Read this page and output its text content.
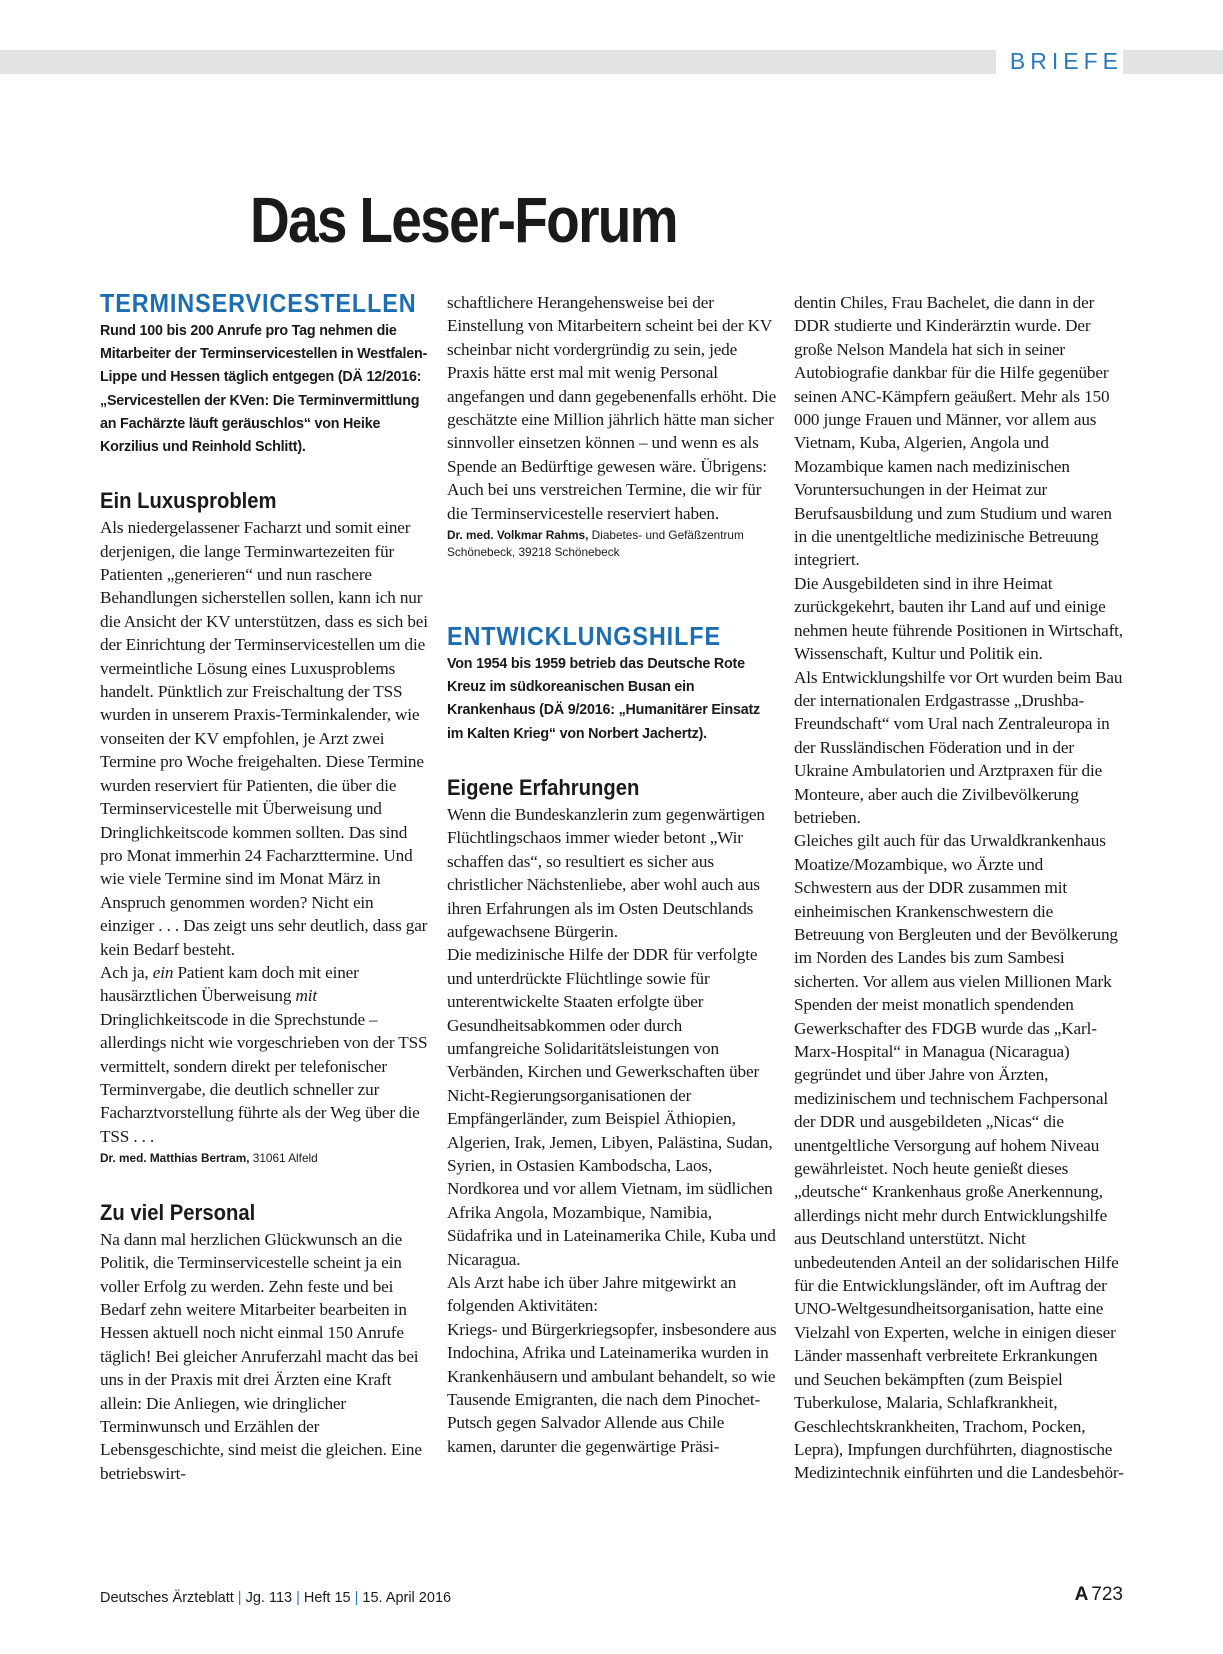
BRIEFE
Das Leser-Forum
TERMINSERVICESTELLEN

Rund 100 bis 200 Anrufe pro Tag nehmen die Mitarbeiter der Terminservicestellen in Westfalen-Lippe und Hessen täglich entgegen (DÄ 12/2016: „Servicestellen der KVen: Die Terminvermittlung an Fachärzte läuft geräuschlos“ von Heike Korzilius und Reinhold Schlitt).

Ein Luxusproblem

Als niedergelassener Facharzt und somit einer derjenigen, die lange Terminwartezeiten für Patienten „generieren“ und nun raschere Behandlungen sicherstellen sollen, kann ich nur die Ansicht der KV unterstützen, dass es sich bei der Einrichtung der Terminservicestellen um die vermeintliche Lösung eines Luxusproblems handelt. Pünktlich zur Freischaltung der TSS wurden in unserem Praxis-Terminkalender, wie vonseiten der KV empfohlen, je Arzt zwei Termine pro Woche freigehalten. Diese Termine wurden reserviert für Patienten, die über die Terminservicestelle mit Überweisung und Dringlichkeitscode kommen sollten. Das sind pro Monat immerhin 24 Facharzttermine. Und wie viele Termine sind im Monat März in Anspruch genommen worden? Nicht ein einziger . . . Das zeigt uns sehr deutlich, dass gar kein Bedarf besteht.

Ach ja, ein Patient kam doch mit einer hausärztlichen Überweisung mit Dringlichkeitscode in die Sprechstunde – allerdings nicht wie vorgeschrieben von der TSS vermittelt, sondern direkt per telefonischer Terminvergabe, die deutlich schneller zur Facharztvorstellung führte als der Weg über die TSS . . .

Dr. med. Matthias Bertram, 31061 Alfeld

Zu viel Personal

Na dann mal herzlichen Glückwunsch an die Politik, die Terminservicestelle scheint ja ein voller Erfolg zu werden. Zehn feste und bei Bedarf zehn weitere Mitarbeiter bearbeiten in Hessen aktuell noch nicht einmal 150 Anrufe täglich! Bei gleicher Anruferzahl macht das bei uns in der Praxis mit drei Ärzten eine Kraft allein: Die Anliegen, wie dringlicher Terminwunsch und Erzählen der Lebensgeschichte, sind meist die gleichen. Eine betriebswirt-

schaftlichere Herangehensweise bei der Einstellung von Mitarbeitern scheint bei der KV scheinbar nicht vordergründig zu sein, jede Praxis hätte erst mal mit wenig Personal angefangen und dann gegebenenfalls erhöht. Die geschätzte eine Million jährlich hätte man sicher sinnvoller einsetzen können – und wenn es als Spende an Bedürftige gewesen wäre. Übrigens: Auch bei uns verstreichen Termine, die wir für die Terminservicestelle reserviert haben.

Dr. med. Volkmar Rahms, Diabetes- und Gefäßzentrum Schönebeck, 39218 Schönebeck

ENTWICKLUNGSHILFE

Von 1954 bis 1959 betrieb das Deutsche Rote Kreuz im südkoreanischen Busan ein Krankenhaus (DÄ 9/2016: „Humanitärer Einsatz im Kalten Krieg“ von Norbert Jachertz).

Eigene Erfahrungen

Wenn die Bundeskanzlerin zum gegenwärtigen Flüchtlingschaos immer wieder betont „Wir schaffen das“, so resultiert es sicher aus christlicher Nächstenliebe, aber wohl auch aus ihren Erfahrungen als im Osten Deutschlands aufgewachsene Bürgerin.

Die medizinische Hilfe der DDR für verfolgte und unterdrückte Flüchtlinge sowie für unterentwickelte Staaten erfolgte über Gesundheitsabkommen oder durch umfangreiche Solidaritätsleistungen von Verbänden, Kirchen und Gewerkschaften über Nicht-Regierungsorganisationen der Empfängerländer, zum Beispiel Äthiopien, Algerien, Irak, Jemen, Libyen, Palästina, Sudan, Syrien, in Ostasien Kambodscha, Laos, Nordkorea und vor allem Vietnam, im südlichen Afrika Angola, Mozambique, Namibia, Südafrika und in Lateinamerika Chile, Kuba und Nicaragua.

Als Arzt habe ich über Jahre mitgewirkt an folgenden Aktivitäten:

Kriegs- und Bürgerkriegsopfer, insbesondere aus Indochina, Afrika und Lateinamerika wurden in Krankenhäusern und ambulant behandelt, so wie Tausende Emigranten, die nach dem Pinochet-Putsch gegen Salvador Allende aus Chile kamen, darunter die gegenwärtige Präsi-

dentin Chiles, Frau Bachelet, die dann in der DDR studierte und Kinderärztin wurde. Der große Nelson Mandela hat sich in seiner Autobiografie dankbar für die Hilfe gegenüber seinen ANC-Kämpfern geäußert. Mehr als 150 000 junge Frauen und Männer, vor allem aus Vietnam, Kuba, Algerien, Angola und Mozambique kamen nach medizinischen Voruntersuchungen in der Heimat zur Berufsausbildung und zum Studium und waren in die unentgeltliche medizinische Betreuung integriert.

Die Ausgebildeten sind in ihre Heimat zurückgekehrt, bauten ihr Land auf und einige nehmen heute führende Positionen in Wirtschaft, Wissenschaft, Kultur und Politik ein.

Als Entwicklungshilfe vor Ort wurden beim Bau der internationalen Erdgastrasse „Drushba-Freundschaft“ vom Ural nach Zentraleuropa in der Russländischen Föderation und in der Ukraine Ambulatorien und Arztpraxen für die Monteure, aber auch die Zivilbevölkerung betrieben.

Gleiches gilt auch für das Urwaldkrankenhaus Moatize/Mozambique, wo Ärzte und Schwestern aus der DDR zusammen mit einheimischen Krankenschwestern die Betreuung von Bergleuten und der Bevölkerung im Norden des Landes bis zum Sambesi sicherten. Vor allem aus vielen Millionen Mark Spenden der meist monatlich spendenden Gewerkschafter des FDGB wurde das „Karl-Marx-Hospital“ in Managua (Nicaragua) gegründet und über Jahre von Ärzten, medizinischem und technischem Fachpersonal der DDR und ausgebildeten „Nicas“ die unentgeltliche Versorgung auf hohem Niveau gewährleistet. Noch heute genießt dieses „deutsche“ Krankenhaus große Anerkennung, allerdings nicht mehr durch Entwicklungshilfe aus Deutschland unterstützt. Nicht unbedeutenden Anteil an der solidarischen Hilfe für die Entwicklungsländer, oft im Auftrag der UNO-Weltgesundheitsorganisation, hatte eine Vielzahl von Experten, welche in einigen dieser Länder massenhaft verbreitete Erkrankungen und Seuchen bekämpften (zum Beispiel Tuberkulose, Malaria, Schlafkrankheit, Geschlechtskrankheiten, Trachom, Pocken, Lepra), Impfungen durchführten, diagnostische Medizintechnik einführten und die Landesbehör-

Deutsches Ärzteblatt | Jg. 113 | Heft 15 | 15. April 2016	A 723
